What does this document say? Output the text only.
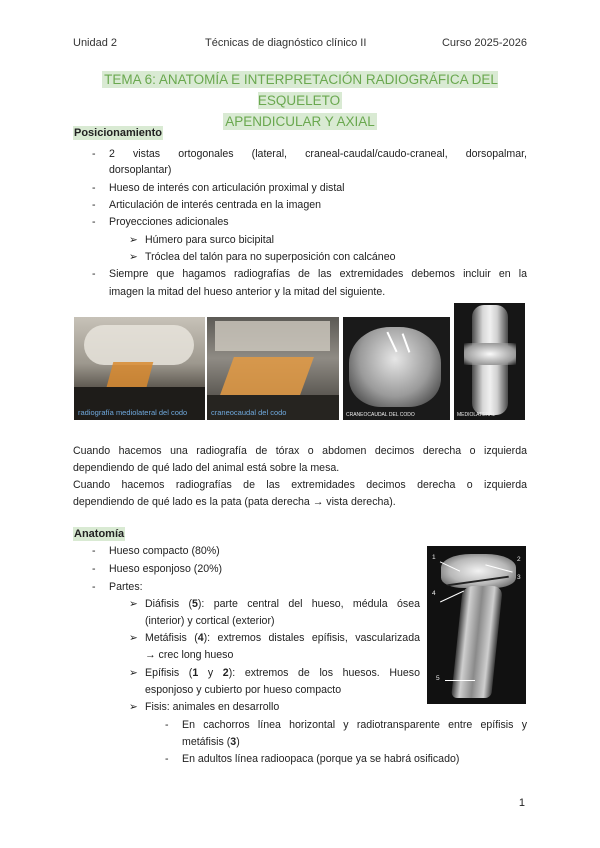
Unidad 2	Técnicas de diagnóstico clínico II	Curso 2025-2026
TEMA 6: ANATOMÍA E INTERPRETACIÓN RADIOGRÁFICA DEL ESQUELETO
APENDICULAR Y AXIAL
Posicionamiento
- 2 vistas ortogonales (lateral, craneal-caudal/caudo-craneal, dorsopalmar,
dorsoplantar)
- Hueso de interés con articulación proximal y distal
- Articulación de interés centrada en la imagen
- Proyecciones adicionales
➢ Húmero para surco bicipital
➢ Tróclea del talón para no superposición con calcáneo
- Siempre que hagamos radiografías de las extremidades debemos incluir en la
imagen la mitad del hueso anterior y la mitad del siguiente.
radiografía mediolateral del codo	craneocaudal del codo	CRANEOCAUDAL DEL CODO	MEDIOLATERAL
Cuando hacemos una radiografía de tórax o abdomen decimos derecha o izquierda
dependiendo de qué lado del animal está sobre la mesa.
Cuando hacemos radiografías de las extremidades decimos derecha o izquierda
dependiendo de qué lado es la pata (pata derecha → vista derecha).
Anatomía
- Hueso compacto (80%)
- Hueso esponjoso (20%)
- Partes:
➢ Diáfisis (5): parte central del hueso, médula ósea
(interior) y cortical (exterior)
➢ Metáfisis (4): extremos distales epífisis, vascularizada
→ crec long hueso
➢ Epífisis (1 y 2): extremos de los huesos. Hueso
esponjoso y cubierto por hueso compacto
➢ Fisis: animales en desarrollo
- En cachorros línea horizontal y radiotransparente entre epífisis y
metáfisis (3)
- En adultos línea radioopaca (porque ya se habrá osificado)
1	2
3
4
5
1
